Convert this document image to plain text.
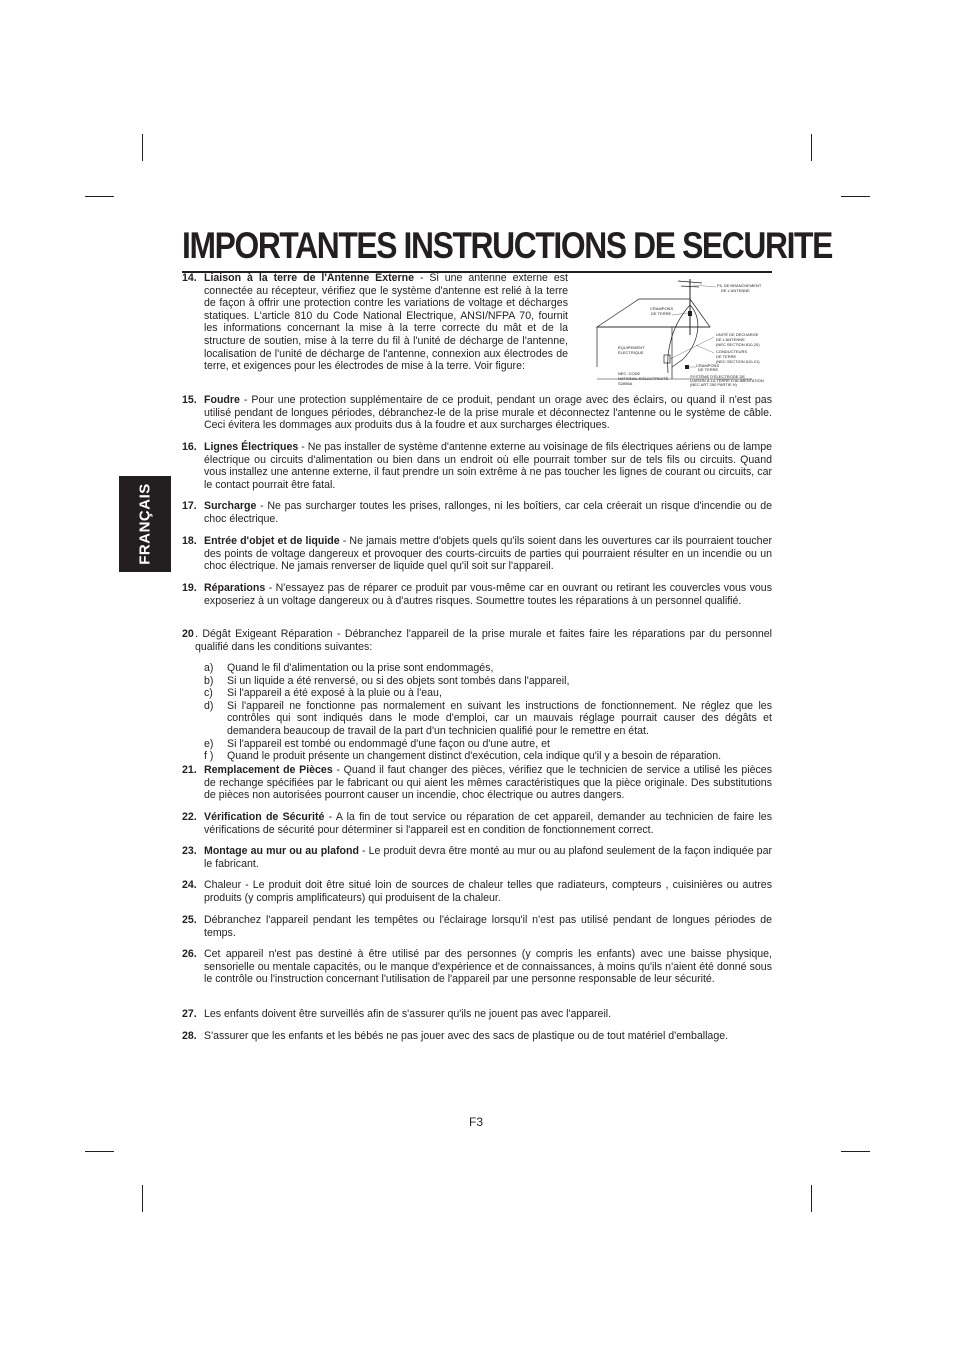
IMPORTANTES INSTRUCTIONS DE SECURITE
FRANÇAIS
FIL DE BRANCHEMENT
DE L'ANTENNE
CRAMPONS
DE TERRE
UNITÉ DE DÉCHARGE
DE L'ANTENNE
(NEC SECTION 810-20)
ÉQUIPEMENT
ÉLECTRIQUE	CONDUCTEURS
DE TERRE
(NEC SECTION 810-21)
CRAMPONS
DE TERRE
NEC: CODE
NATIONAL D'ÉLECTRICITÉ
S2898A
SYSTÈME D'ÉLECTRODE DE
LIAISON À LA TERRE D'ALIMENTATION
(NEC ART 250 PARTIE H)
14. Liaison à la terre de l'Antenne Externe - Si une antenne externe est connectée au récepteur, vérifiez que le système d'antenne est relié à la terre de façon à offrir une protection contre les variations de voltage et décharges statiques. L'article 810 du Code National Electrique, ANSI/NFPA 70, fournit les informations concernant la mise à la terre correcte du mât et de la structure de soutien, mise à la terre du fil à l'unité de décharge de l'antenne, localisation de l'unité de décharge de l'antenne, connexion aux électrodes de terre, et exigences pour les électrodes de mise à la terre. Voir figure:
15. Foudre - Pour une protection supplémentaire de ce produit, pendant un orage avec des éclairs, ou quand il n'est pas utilisé pendant de longues périodes, débranchez-le de la prise murale et déconnectez l'antenne ou le système de câble. Ceci évitera les dommages aux produits dus à la foudre et aux surcharges électriques.
16. Lignes Électriques - Ne pas installer de système d'antenne externe au voisinage de fils électriques aériens ou de lampe électrique ou circuits d'alimentation ou bien dans un endroit où elle pourrait tomber sur de tels fils ou circuits. Quand vous installez une antenne externe, il faut prendre un soin extrême à ne pas toucher les lignes de courant ou circuits, car le contact pourrait être fatal.
17. Surcharge - Ne pas surcharger toutes les prises, rallonges, ni les boîtiers, car cela créerait un risque d'incendie ou de choc électrique.
18. Entrée d'objet et de liquide - Ne jamais mettre d'objets quels qu'ils soient dans les ouvertures car ils pourraient toucher des points de voltage dangereux et provoquer des courts-circuits de parties qui pourraient résulter en un incendie ou un choc électrique. Ne jamais renverser de liquide quel qu'il soit sur l'appareil.
19. Réparations - N'essayez pas de réparer ce produit par vous-même car en ouvrant ou retirant les couvercles vous vous exposeriez à un voltage dangereux ou à d'autres risques. Soumettre toutes les réparations à un personnel qualifié.
20 . Dégât Exigeant Réparation - Débranchez l'appareil de la prise murale et faites faire les réparations par du personnel qualifié dans les conditions suivantes:
a) Quand le fil d'alimentation ou la prise sont endommagés,
b) Si un liquide a été renversé, ou si des objets sont tombés dans l'appareil,
c) Si l'appareil a été exposé à la pluie ou à l'eau,
d) Si l'appareil ne fonctionne pas normalement en suivant les instructions de fonctionnement. Ne réglez que les contrôles qui sont indiqués dans le mode d'emploi, car un mauvais réglage pourrait causer des dégâts et demandera beaucoup de travail de la part d'un technicien qualifié pour le remettre en état.
e) Si l'appareil est tombé ou endommagé d'une façon ou d'une autre, et
f ) Quand le produit présente un changement distinct d'exécution, cela indique qu'il y a besoin de réparation.
21. Remplacement de Pièces - Quand il faut changer des pièces, vérifiez que le technicien de service a utilisé les pièces de rechange spécifiées par le fabricant ou qui aient les mêmes caractéristiques que la pièce originale. Des substitutions de pièces non autorisées pourront causer un incendie, choc électrique ou autres dangers.
22. Vérification de Sécurité - A la fin de tout service ou réparation de cet appareil, demander au technicien de faire les vérifications de sécurité pour déterminer si l'appareil est en condition de fonctionnement correct.
23. Montage au mur ou au plafond - Le produit devra être monté au mur ou au plafond seulement de la façon indiquée par le fabricant.
24. Chaleur - Le produit doit être situé loin de sources de chaleur telles que radiateurs, compteurs , cuisinières ou autres produits (y compris amplificateurs) qui produisent de la chaleur.
25. Débranchez l'appareil pendant les tempêtes ou l'éclairage lorsqu'il n'est pas utilisé pendant de longues périodes de temps.
26. Cet appareil n'est pas destiné à être utilisé par des personnes (y compris les enfants) avec une baisse physique, sensorielle ou mentale capacités, ou le manque d'expérience et de connaissances, à moins qu'ils n'aient été donné sous le contrôle ou l'instruction concernant l'utilisation de l'appareil par une personne responsable de leur sécurité.
27. Les enfants doivent être surveillés afin de s'assurer qu'ils ne jouent pas avec l'appareil.
28. S'assurer que les enfants et les bébés ne pas jouer avec des sacs de plastique ou de tout matériel d'emballage.
F3
